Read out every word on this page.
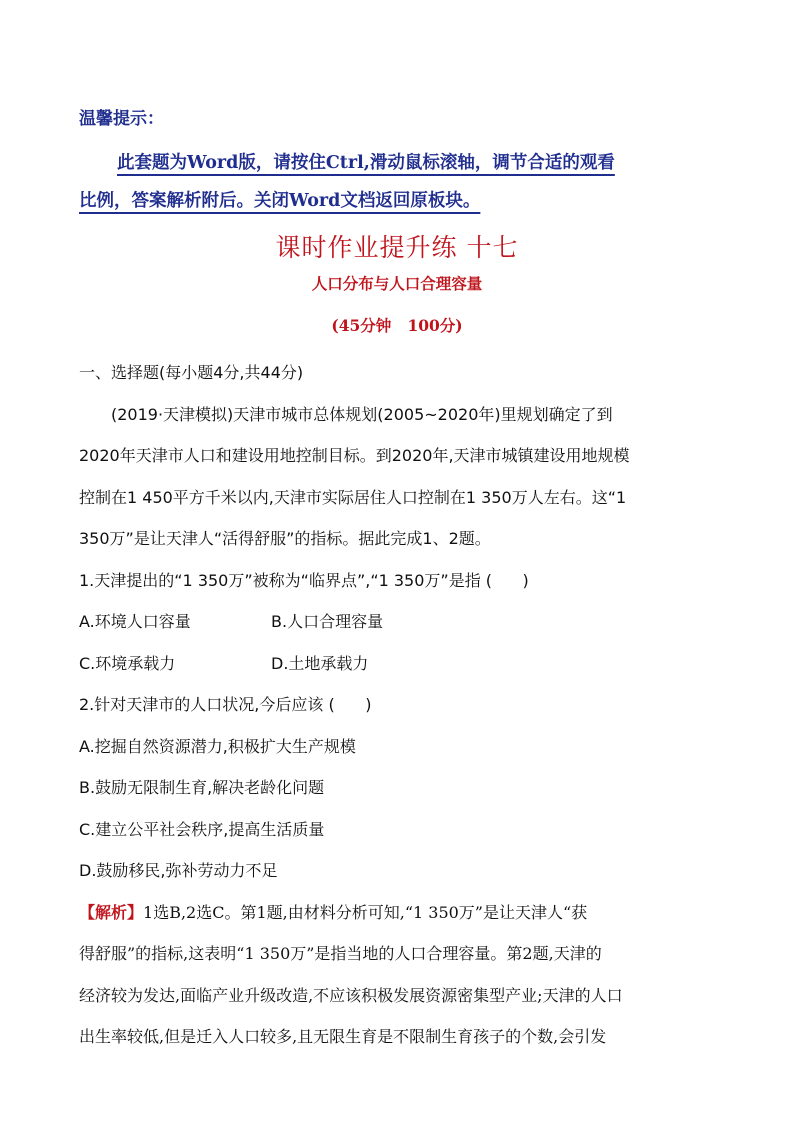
温馨提示：
此套题为Word版，请按住Ctrl,滑动鼠标滚轴，调节合适的观看
比例，答案解析附后。关闭Word文档返回原板块。
课时作业提升练 十七
人口分布与人口合理容量
(45分钟   100分)
一、选择题(每小题4分,共44分)
(2019·天津模拟)天津市城市总体规划(2005~2020年)里规划确定了到
2020年天津市人口和建设用地控制目标。到2020年,天津市城镇建设用地规模
控制在1 450平方千米以内,天津市实际居住人口控制在1 350万人左右。这“1
350万”是让天津人“活得舒服”的指标。据此完成1、2题。
1.天津提出的“1 350万”被称为“临界点”,“1 350万”是指 (      )
A.环境人口容量	B.人口合理容量
C.环境承载力	D.土地承载力
2.针对天津市的人口状况,今后应该 (      )
A.挖掘自然资源潜力,积极扩大生产规模
B.鼓励无限制生育,解决老龄化问题
C.建立公平社会秩序,提高生活质量
D.鼓励移民,弥补劳动力不足
【解析】1选B,2选C。第1题,由材料分析可知,“1 350万”是让天津人“获
得舒服”的指标,这表明“1 350万”是指当地的人口合理容量。第2题,天津的
经济较为发达,面临产业升级改造,不应该积极发展资源密集型产业;天津的人口
出生率较低,但是迁入人口较多,且无限生育是不限制生育孩子的个数,会引发
